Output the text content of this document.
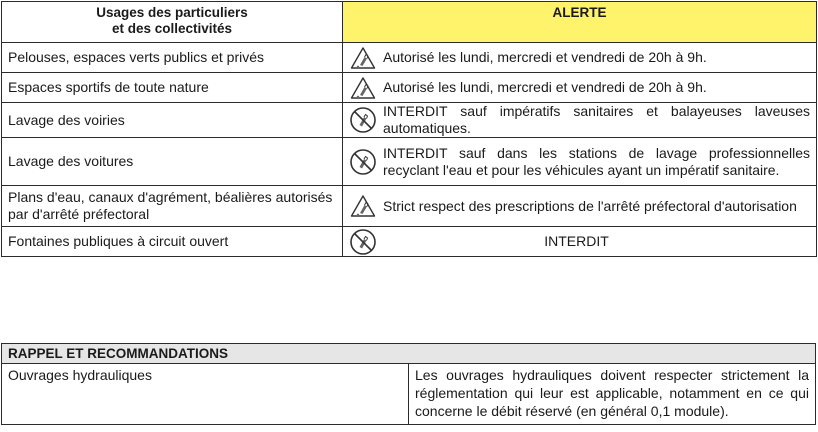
Usages des particuliers
et des collectivités	ALERTE
Pelouses, espaces verts publics et privés	Autorisé les lundi, mercredi et vendredi de 20h à 9h.

Espaces sportifs de toute nature	Autorisé les lundi, mercredi et vendredi de 20h à 9h.

Lavage des voiries	INTERDIT sauf impératifs sanitaires et balayeuses laveuses automatiques.

Lavage des voitures	INTERDIT sauf dans les stations de lavage professionnelles recyclant l'eau et pour les véhicules ayant un impératif sanitaire.

Plans d'eau, canaux d'agrément, béalières autorisés par d'arrêté préfectoral	Strict respect des prescriptions de l'arrêté préfectoral d'autorisation

Fontaines publiques à circuit ouvert	INTERDIT
RAPPEL ET RECOMMANDATIONS
Ouvrages hydrauliques	Les ouvrages hydrauliques doivent respecter strictement la réglementation qui leur est applicable, notamment en ce qui concerne le débit réservé (en général 0,1 module).
